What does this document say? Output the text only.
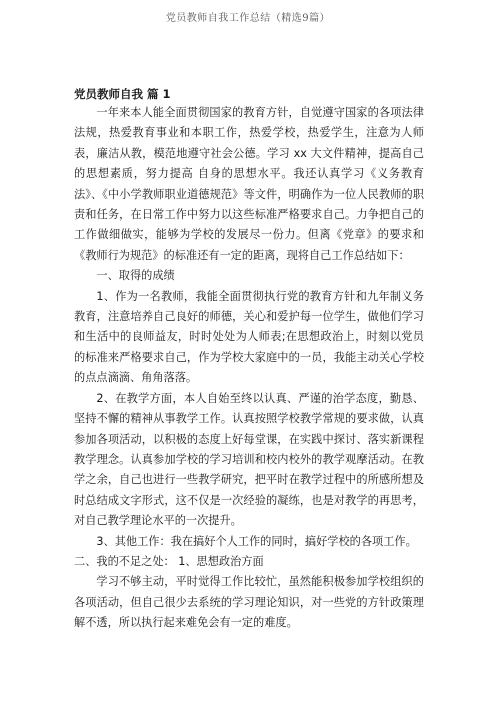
党员教师自我工作总结（精选9篇）
党员教师自我 篇 1

一年来本人能全面贯彻国家的教育方针，自觉遵守国家的各项法律法规，热爱教育事业和本职工作，热爱学校，热爱学生，注意为人师表，廉洁从教，模范地遵守社会公德。学习 xx 大文件精神，提高自己的思想素质，努力提高 自身的思想水平。我还认真学习《义务教育法》、《中小学教师职业道德规范》等文件，明确作为一位人民教师的职责和任务，在日常工作中努力以这些标准严格要求自己。力争把自己的工作做细做实，能够为学校的发展尽一份力。但离《党章》的要求和《教师行为规范》的标准还有一定的距离，现将自己工作总结如下：

一、取得的成绩

1、作为一名教师，我能全面贯彻执行党的教育方针和九年制义务教育，注意培养自己良好的师德，关心和爱护每一位学生，做他们学习和生活中的良师益友，时时处处为人师表;在思想政治上，时刻以党员的标准来严格要求自己，作为学校大家庭中的一员，我能主动关心学校的点点滴滴、角角落落。

2、在教学方面，本人自始至终以认真、严谨的治学态度，勤恳、坚持不懈的精神从事教学工作。认真按照学校教学常规的要求做，认真参加各项活动，以积极的态度上好每堂课，在实践中探讨、落实新课程教学理念。认真参加学校的学习培训和校内校外的教学观摩活动。在教学之余，自己也进行一些教学研究，把平时在教学过程中的所感所想及时总结成文字形式，这不仅是一次经验的凝练，也是对教学的再思考，对自己教学理论水平的一次提升。

3、其他工作：我在搞好个人工作的同时，搞好学校的各项工作。

二、我的不足之处： 1、思想政治方面

学习不够主动，平时觉得工作比较忙，虽然能积极参加学校组织的各项活动，但自己很少去系统的学习理论知识，对一些党的方针政策理解不透，所以执行起来难免会有一定的难度。
